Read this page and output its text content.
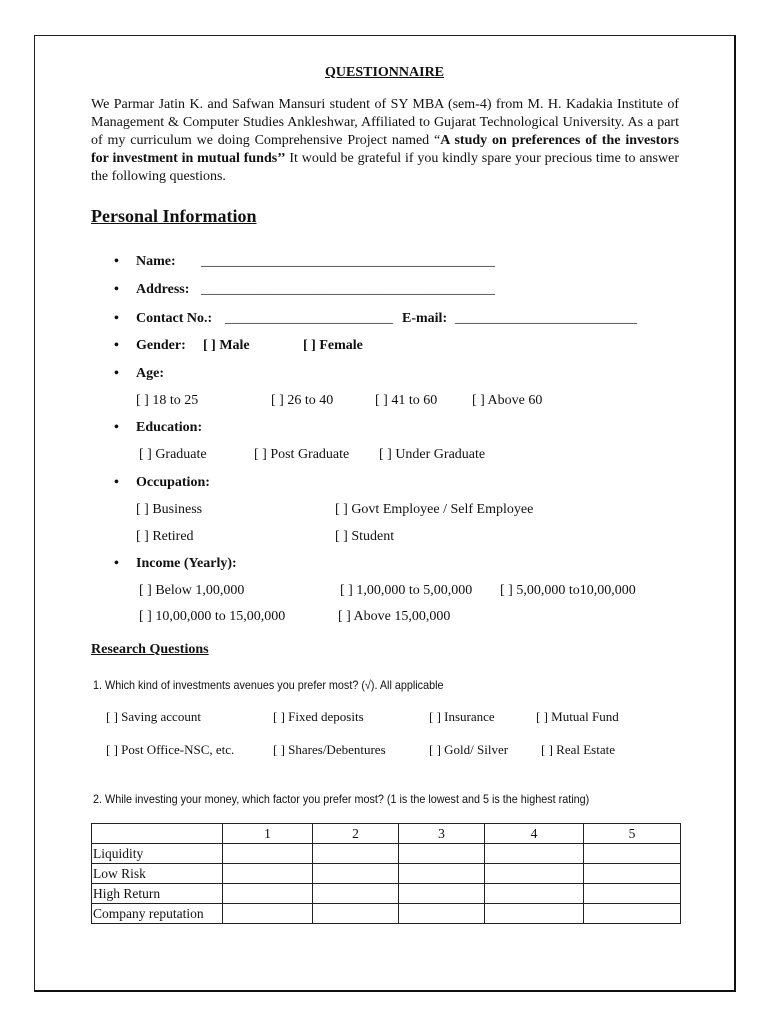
QUESTIONNAIRE
We Parmar Jatin K. and Safwan Mansuri student of SY MBA (sem-4) from M. H. Kadakia Institute of Management & Computer Studies Ankleshwar, Affiliated to Gujarat Technological University. As a part of my curriculum we doing Comprehensive Project named “A study on preferences of the investors for investment in mutual funds’’ It would be grateful if you kindly spare your precious time to answer the following questions.
Personal Information
• Name: __________________________________________
• Address: __________________________________________
• Contact No.: ________________________ E-mail: __________________________
• Gender: [ ] Male	[ ] Female
• Age:
[ ] 18 to 25	[ ] 26 to 40	[ ] 41 to 60 [ ] Above 60
• Education:
[ ] Graduate	[ ] Post Graduate [ ] Under Graduate
• Occupation:
[ ] Business	[ ] Govt Employee / Self Employee
[ ] Retired	[ ] Student
• Income (Yearly):
[ ] Below 1,00,000	[ ] 1,00,000 to 5,00,000 [ ] 5,00,000 to10,00,000
[ ] 10,00,000 to 15,00,000	[ ] Above 15,00,000
Research Questions
1. Which kind of investments avenues you prefer most? (√). All applicable
[ ] Saving account	[ ] Fixed deposits	[ ] Insurance	[ ] Mutual Fund
[ ] Post Office-NSC, etc.	[ ] Shares/Debentures	[ ] Gold/ Silver	[ ] Real Estate
2. While investing your money, which factor you prefer most? (1 is the lowest and 5 is the highest rating)
	1	2	3	4	5
Liquidity					
Low Risk					
High Return					
Company reputation					
